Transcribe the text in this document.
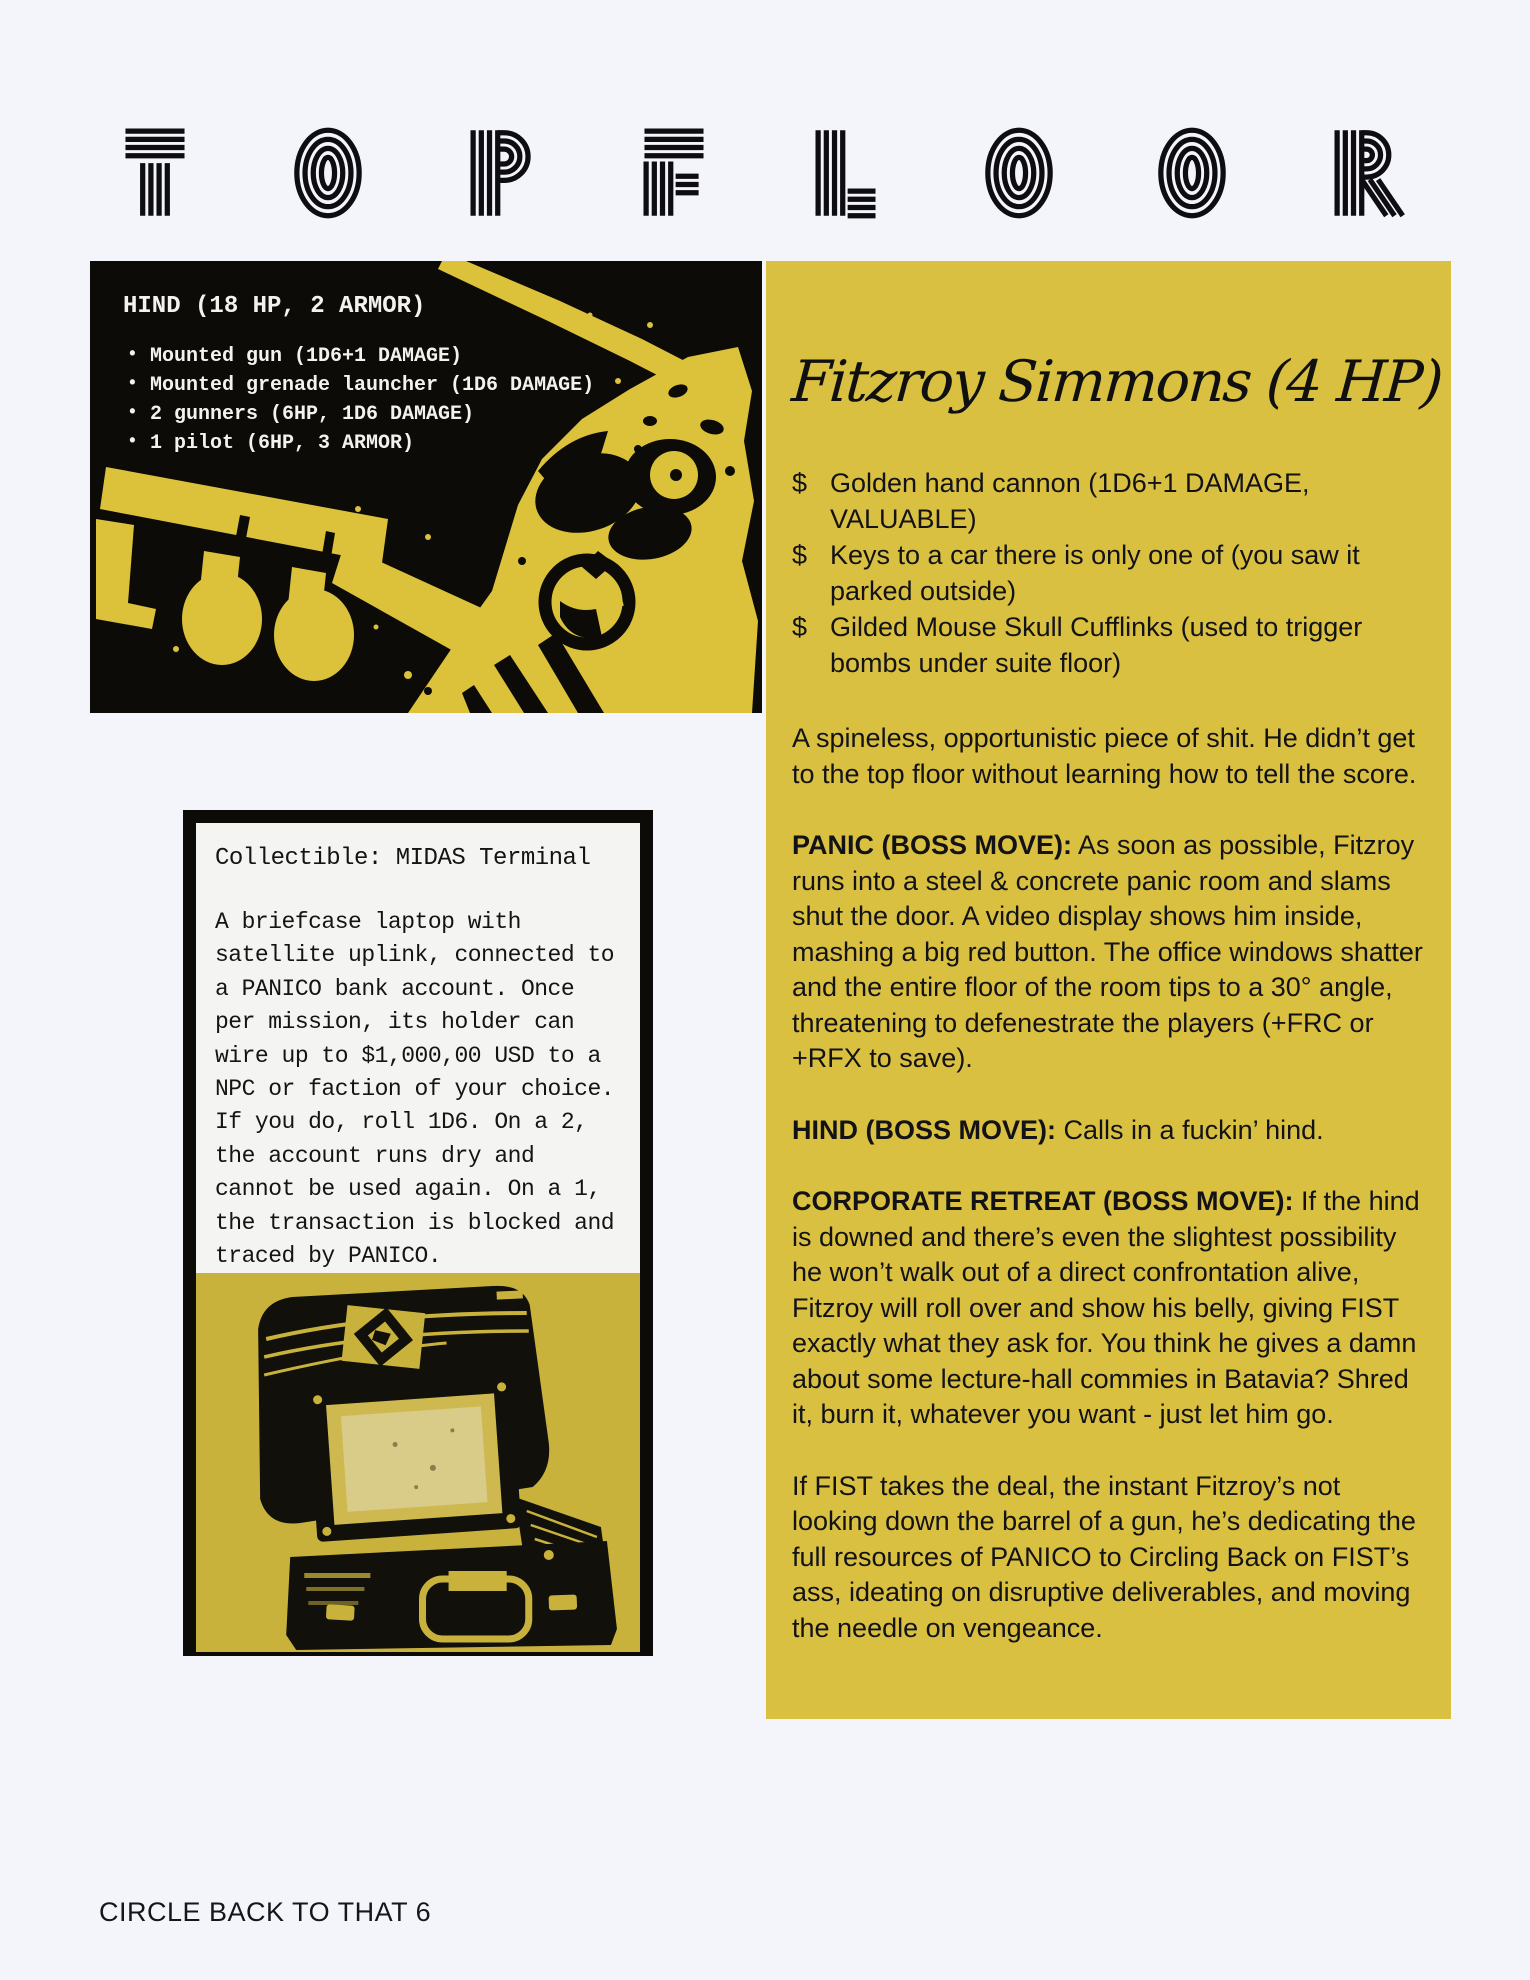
HIND (18 HP, 2 ARMOR)
• Mounted gun (1D6+1 DAMAGE)
• Mounted grenade launcher (1D6 DAMAGE)
• 2 gunners (6HP, 1D6 DAMAGE)
• 1 pilot (6HP, 3 ARMOR)
Fitzroy Simmons (4 HP)
$ Golden hand cannon (1D6+1 DAMAGE, VALUABLE)
$ Keys to a car there is only one of (you saw it parked outside)
$ Gilded Mouse Skull Cufflinks (used to trigger bombs under suite floor)

A spineless, opportunistic piece of shit. He didn’t get to the top floor without learning how to tell the score.

PANIC (BOSS MOVE): As soon as possible, Fitzroy runs into a steel & concrete panic room and slams shut the door. A video display shows him inside, mashing a big red button. The office windows shatter and the entire floor of the room tips to a 30° angle, threatening to defenestrate the players (+FRC or +RFX to save).

HIND (BOSS MOVE): Calls in a fuckin’ hind.

CORPORATE RETREAT (BOSS MOVE): If the hind is downed and there’s even the slightest possibility he won’t walk out of a direct confrontation alive, Fitzroy will roll over and show his belly, giving FIST exactly what they ask for. You think he gives a damn about some lecture-hall commies in Batavia? Shred it, burn it, whatever you want - just let him go.

If FIST takes the deal, the instant Fitzroy’s not looking down the barrel of a gun, he’s dedicating the full resources of PANICO to Circling Back on FIST’s ass, ideating on disruptive deliverables, and moving the needle on vengeance.

Collectible: MIDAS Terminal
A briefcase laptop with satellite uplink, connected to a PANICO bank account. Once per mission, its holder can wire up to $1,000,00 USD to a NPC or faction of your choice. If you do, roll 1D6. On a 2, the account runs dry and cannot be used again. On a 1, the transaction is blocked and traced by PANICO.
CIRCLE BACK TO THAT 6
